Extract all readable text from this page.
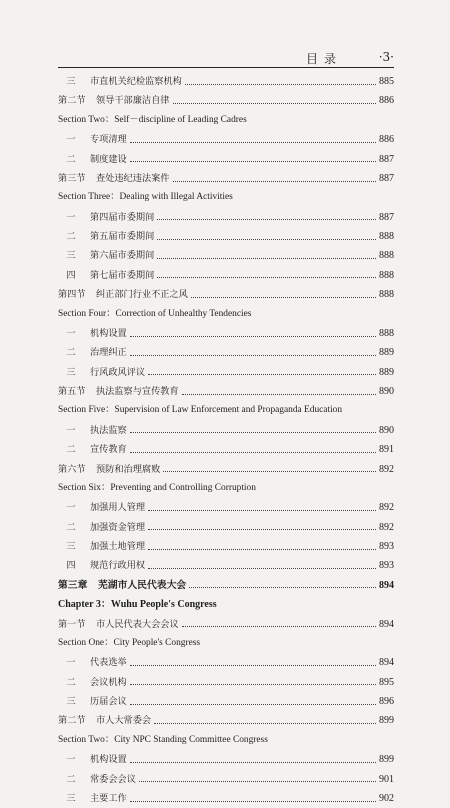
目录	·3·
三 市直机关纪检监察机构	885
第二节	领导干部廉洁自律	886
Section Two：Self－discipline of Leading Cadres
一 专项清理	886
二 制度建设	887
第三节	查处违纪违法案件	887
Section Three：Dealing with Illegal Activities
一 第四届市委期间	887
二 第五届市委期间	888
三 第六届市委期间	888
四 第七届市委期间	888
第四节	纠正部门行业不正之风	888
Section Four：Correction of Unhealthy Tendencies
一 机构设置	888
二 治理纠正	889
三 行风政风评议	889
第五节	执法监察与宣传教育	890
Section Five：Supervision of Law Enforcement and Propaganda Education
一 执法监察	890
二 宣传教育	891
第六节	预防和治理腐败	892
Section Six：Preventing and Controlling Corruption
一 加强用人管理	892
二 加强资金管理	892
三 加强土地管理	893
四 规范行政用权	893
第三章	芜湖市人民代表大会	894
Chapter 3：Wuhu People's Congress
第一节	市人民代表大会会议	894
Section One：City People's Congress
一 代表选举	894
二 会议机构	895
三 历届会议	896
第二节	市人大常委会	899
Section Two：City NPC Standing Committee Congress
一 机构设置	899
二 常委会会议	901
三 主要工作	902
